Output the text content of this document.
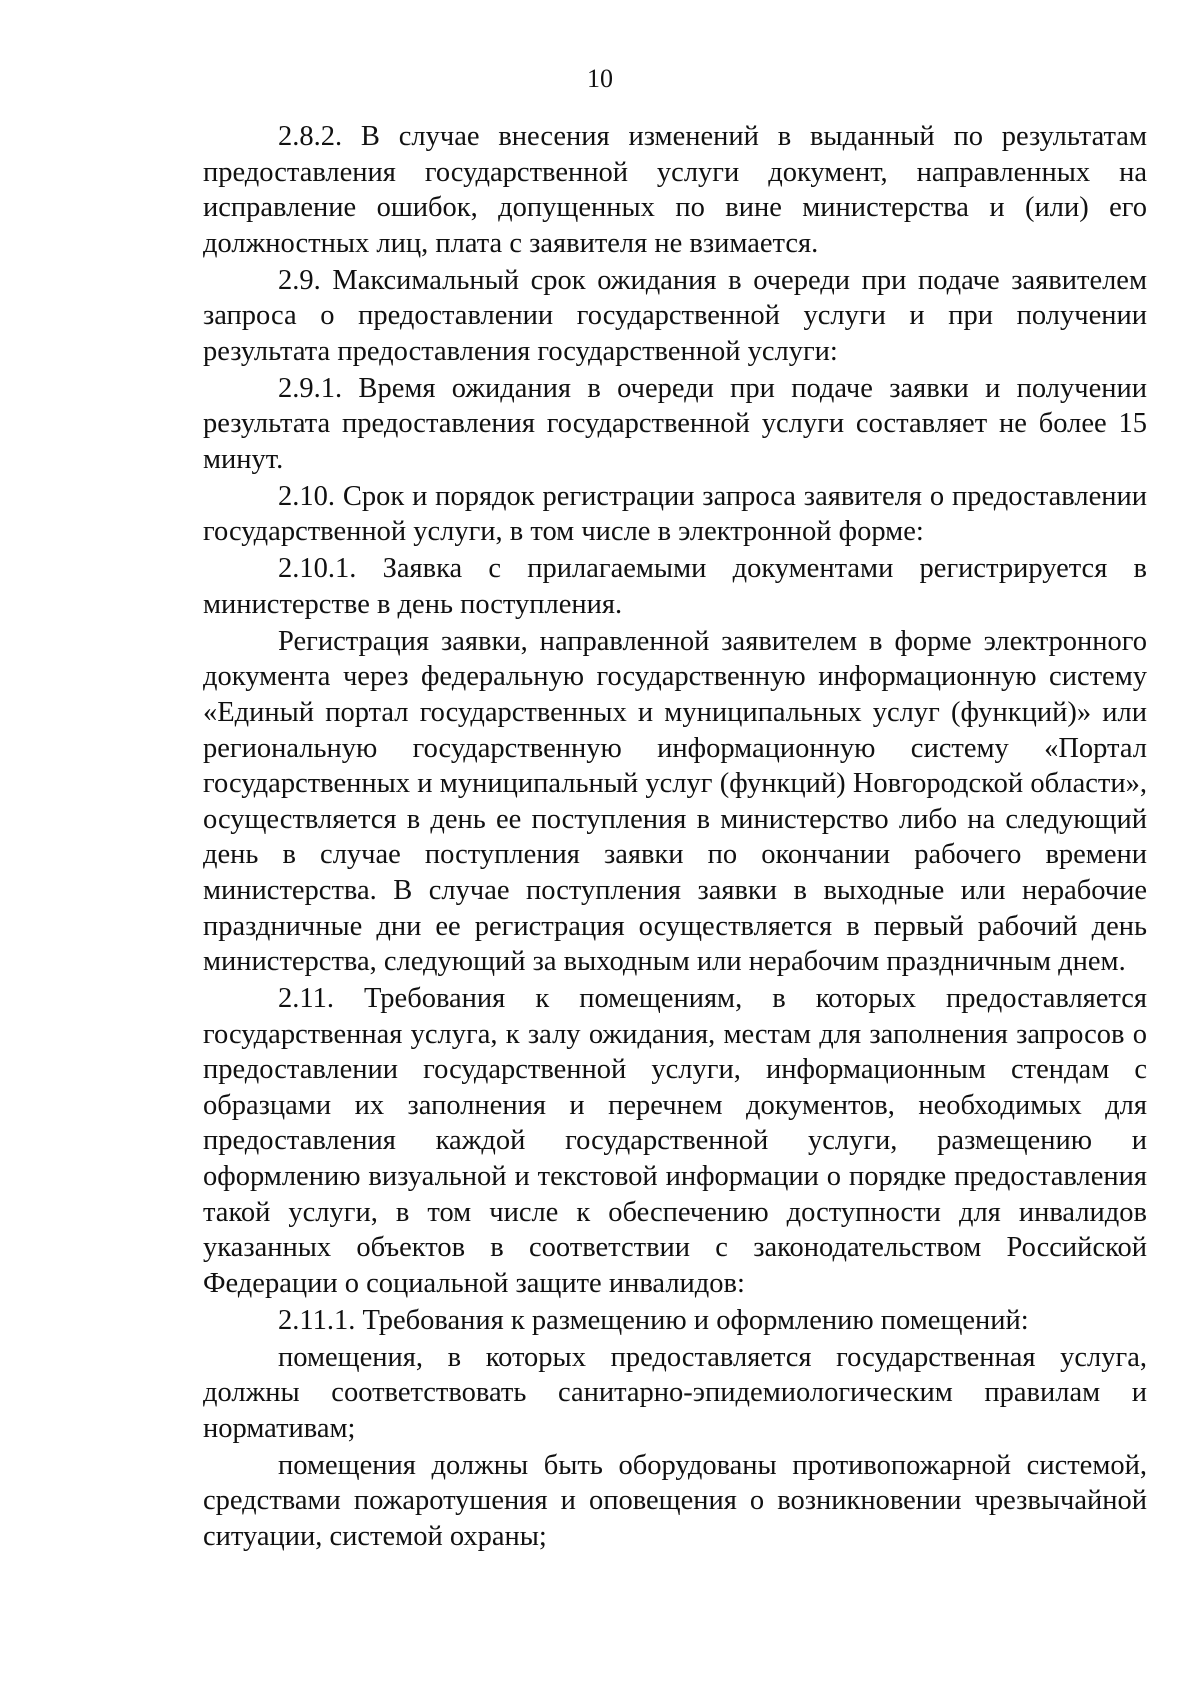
10

2.8.2. В случае внесения изменений в выданный по результатам предоставления государственной услуги документ, направленных на исправление ошибок, допущенных по вине министерства и (или) его должностных лиц, плата с заявителя не взимается.

2.9. Максимальный срок ожидания в очереди при подаче заявителем запроса о предоставлении государственной услуги и при получении результата предоставления государственной услуги:

2.9.1. Время ожидания в очереди при подаче заявки и получении результата предоставления государственной услуги составляет не более 15 минут.

2.10. Срок и порядок регистрации запроса заявителя о предоставлении государственной услуги, в том числе в электронной форме:

2.10.1. Заявка с прилагаемыми документами регистрируется в министерстве в день поступления.

Регистрация заявки, направленной заявителем в форме электронного документа через федеральную государственную информационную систему «Единый портал государственных и муниципальных услуг (функций)» или региональную государственную информационную систему «Портал государственных и муниципальный услуг (функций) Новгородской области», осуществляется в день ее поступления в министерство либо на следующий день в случае поступления заявки по окончании рабочего времени министерства. В случае поступления заявки в выходные или нерабочие праздничные дни ее регистрация осуществляется в первый рабочий день министерства, следующий за выходным или нерабочим праздничным днем.

2.11. Требования к помещениям, в которых предоставляется государственная услуга, к залу ожидания, местам для заполнения запросов о предоставлении государственной услуги, информационным стендам с образцами их заполнения и перечнем документов, необходимых для предоставления каждой государственной услуги, размещению и оформлению визуальной и текстовой информации о порядке предоставления такой услуги, в том числе к обеспечению доступности для инвалидов указанных объектов в соответствии с законодательством Российской Федерации о социальной защите инвалидов:

2.11.1. Требования к размещению и оформлению помещений:

помещения, в которых предоставляется государственная услуга, должны соответствовать санитарно-эпидемиологическим правилам и нормативам;

помещения должны быть оборудованы противопожарной системой, средствами пожаротушения и оповещения о возникновении чрезвычайной ситуации, системой охраны;
